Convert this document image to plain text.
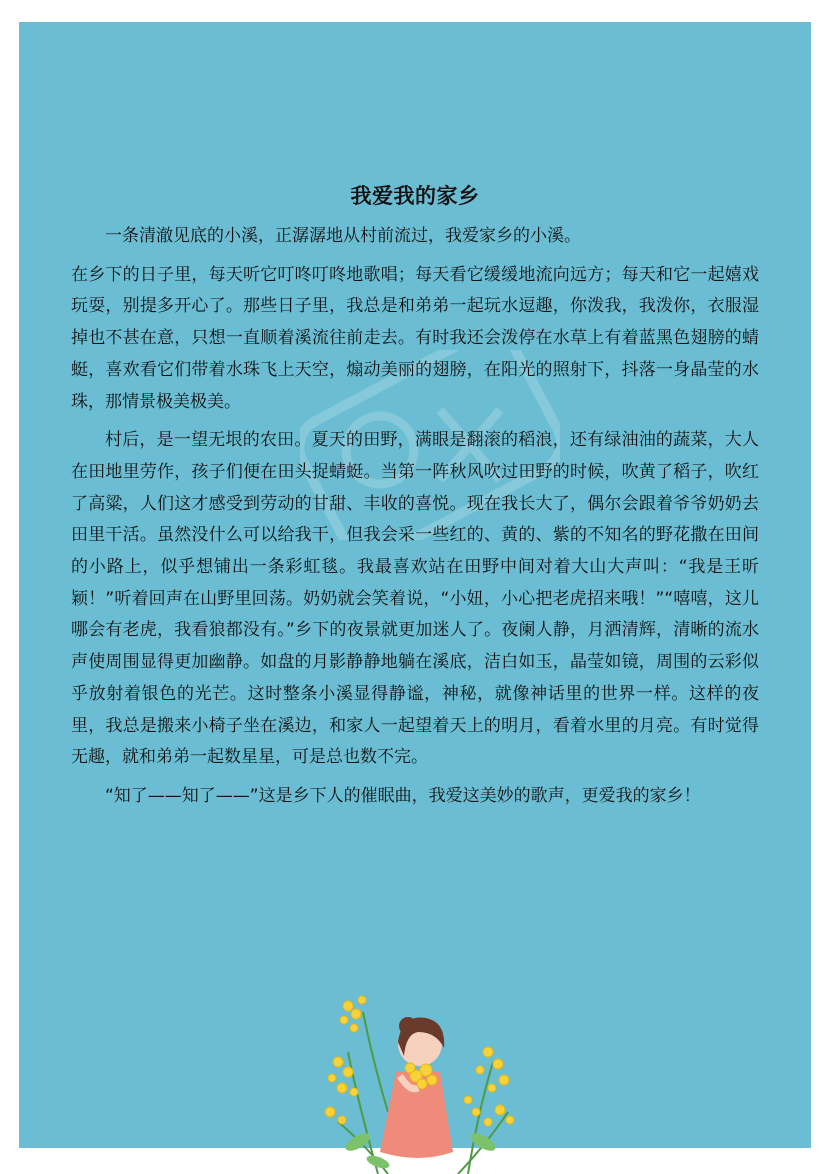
我爱我的家乡

一条清澈见底的小溪，正潺潺地从村前流过，我爱家乡的小溪。

在乡下的日子里，每天听它叮咚叮咚地歌唱；每天看它缓缓地流向远方；每天和它一起嬉戏玩耍，别提多开心了。那些日子里，我总是和弟弟一起玩水逗趣，你泼我，我泼你，衣服湿掉也不甚在意，只想一直顺着溪流往前走去。有时我还会泼停在水草上有着蓝黑色翅膀的蜻蜓，喜欢看它们带着水珠飞上天空，煽动美丽的翅膀，在阳光的照射下，抖落一身晶莹的水珠，那情景极美极美。

村后，是一望无垠的农田。夏天的田野，满眼是翻滚的稻浪，还有绿油油的蔬菜，大人在田地里劳作，孩子们便在田头捉蜻蜓。当第一阵秋风吹过田野的时候，吹黄了稻子，吹红了高粱，人们这才感受到劳动的甘甜、丰收的喜悦。现在我长大了，偶尔会跟着爷爷奶奶去田里干活。虽然没什么可以给我干，但我会采一些红的、黄的、紫的不知名的野花撒在田间的小路上，似乎想铺出一条彩虹毯。我最喜欢站在田野中间对着大山大声叫：“我是王昕颖！”听着回声在山野里回荡。奶奶就会笑着说，“小妞，小心把老虎招来哦！”“嘻嘻，这儿哪会有老虎，我看狼都没有。”乡下的夜景就更加迷人了。夜阑人静，月洒清辉，清晰的流水声使周围显得更加幽静。如盘的月影静静地躺在溪底，洁白如玉，晶莹如镜，周围的云彩似乎放射着银色的光芒。这时整条小溪显得静谧，神秘，就像神话里的世界一样。这样的夜里，我总是搬来小椅子坐在溪边，和家人一起望着天上的明月，看着水里的月亮。有时觉得无趣，就和弟弟一起数星星，可是总也数不完。

“知了——知了——”这是乡下人的催眠曲，我爱这美妙的歌声，更爱我的家乡！
